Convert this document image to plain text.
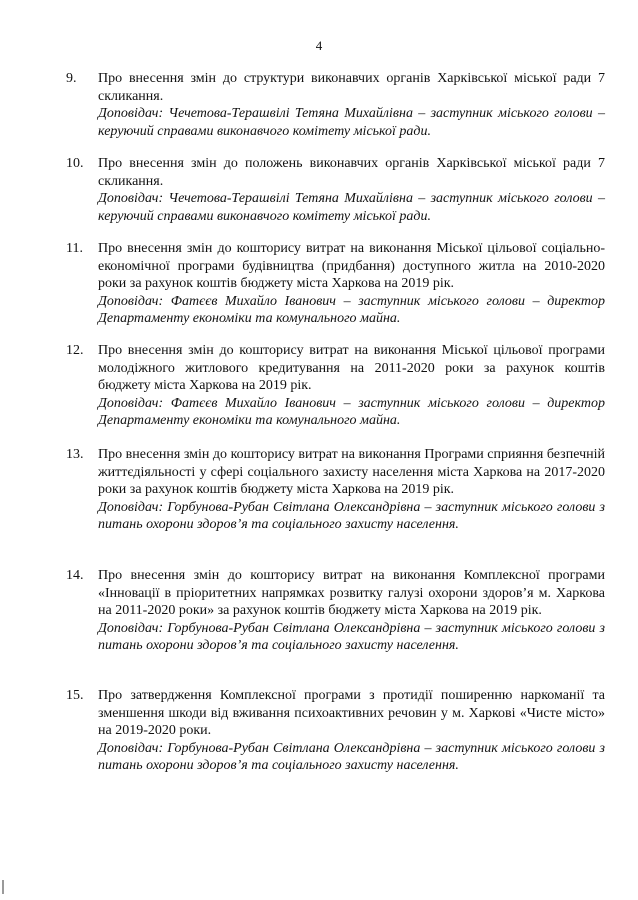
4
9.	Про внесення змін до структури виконавчих органів Харківської міської ради 7 скликання.
Доповідач: Чечетова-Терашвілі Тетяна Михайлівна – заступник міського голови – керуючий справами виконавчого комітету міської ради.
10.	Про внесення змін до положень виконавчих органів Харківської міської ради 7 скликання.
Доповідач: Чечетова-Терашвілі Тетяна Михайлівна – заступник міського голови – керуючий справами виконавчого комітету міської ради.
11.	Про внесення змін до кошторису витрат на виконання Міської цільової соціально-економічної програми будівництва (придбання) доступного житла на 2010-2020 роки за рахунок коштів бюджету міста Харкова на 2019 рік.
Доповідач: Фатєєв Михайло Іванович – заступник міського голови – директор Департаменту економіки та комунального майна.
12.	Про внесення змін до кошторису витрат на виконання Міської цільової програми молодіжного житлового кредитування на 2011-2020 роки за рахунок коштів бюджету міста Харкова на 2019 рік.
Доповідач: Фатєєв Михайло Іванович – заступник міського голови – директор Департаменту економіки та комунального майна.
13.	Про внесення змін до кошторису витрат на виконання Програми сприяння безпечній життєдіяльності у сфері соціального захисту населення міста Харкова на 2017-2020 роки за рахунок коштів бюджету міста Харкова на 2019 рік.
Доповідач: Горбунова-Рубан Світлана Олександрівна – заступник міського голови з питань охорони здоров’я та соціального захисту населення.
14.	Про внесення змін до кошторису витрат на виконання Комплексної програми «Інновації в пріоритетних напрямках розвитку галузі охорони здоров’я м. Харкова на 2011-2020 роки» за рахунок коштів бюджету міста Харкова на 2019 рік.
Доповідач: Горбунова-Рубан Світлана Олександрівна – заступник міського голови з питань охорони здоров’я та соціального захисту населення.
15.	Про затвердження Комплексної програми з протидії поширенню наркоманії та зменшення шкоди від вживання психоактивних речовин у м. Харкові «Чисте місто» на 2019-2020 роки.
Доповідач: Горбунова-Рубан Світлана Олександрівна – заступник міського голови з питань охорони здоров’я та соціального захисту населення.
